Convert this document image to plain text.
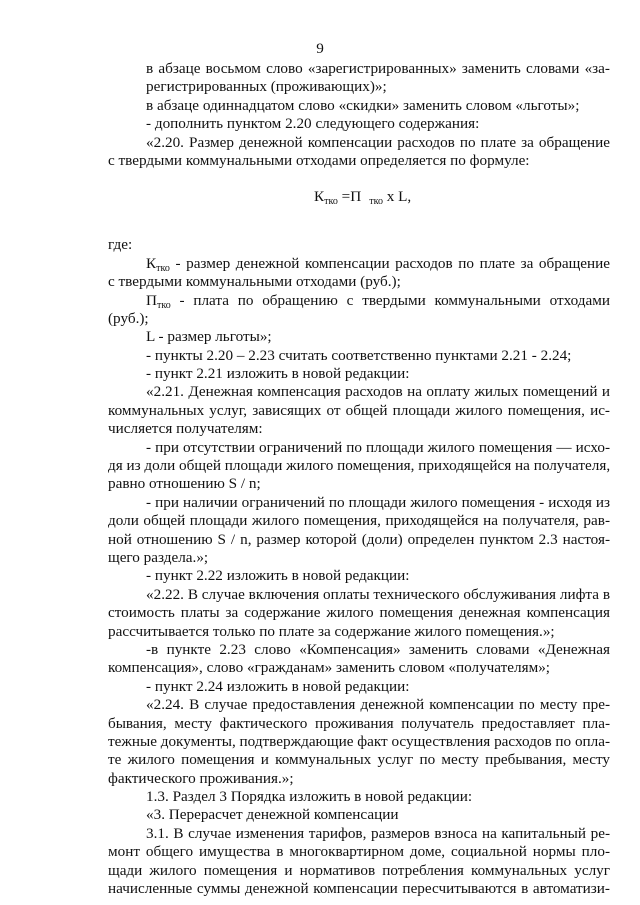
9
в абзаце восьмом слово «зарегистрированных» заменить словами «за-
регистрированных (проживающих)»;
в абзаце одиннадцатом слово «скидки» заменить словом «льготы»;
- дополнить пунктом 2.20 следующего содержания:
«2.20. Размер денежной компенсации расходов по плате за обращение
с твердыми коммунальными отходами определяется по формуле:
$К_{тко} =П$ $_{тко}$ x L,
где:
$К_{тко}$ - размер денежной компенсации расходов по плате за обращение
с твердыми коммунальными отходами (руб.);
$П_{тко}$ - плата по обращению с твердыми коммунальными отходами
(руб.);
L - размер льготы»;
- пункты 2.20 – 2.23 считать соответственно пунктами 2.21 - 2.24;
- пункт 2.21 изложить в новой редакции:
«2.21. Денежная компенсация расходов на оплату жилых помещений и
коммунальных услуг, зависящих от общей площади жилого помещения, ис-
числяется получателям:
- при отсутствии ограничений по площади жилого помещения — исхо-
дя из доли общей площади жилого помещения, приходящейся на получателя,
равно отношению S / n;
- при наличии ограничений по площади жилого помещения - исходя из
доли общей площади жилого помещения, приходящейся на получателя, рав-
ной отношению S / n, размер которой (доли) определен пунктом 2.3 настоя-
щего раздела.»;
- пункт 2.22 изложить в новой редакции:
«2.22. В случае включения оплаты технического обслуживания лифта в
стоимость платы за содержание жилого помещения денежная компенсация
рассчитывается только по плате за содержание жилого помещения.»;
-в пункте 2.23 слово «Компенсация» заменить словами «Денежная
компенсация», слово «гражданам» заменить словом «получателям»;
- пункт 2.24 изложить в новой редакции:
«2.24. В случае предоставления денежной компенсации по месту пре-
бывания, месту фактического проживания получатель предоставляет пла-
тежные документы, подтверждающие факт осуществления расходов по опла-
те жилого помещения и коммунальных услуг по месту пребывания, месту
фактического проживания.»;
1.3. Раздел 3 Порядка изложить в новой редакции:
«3. Перерасчет денежной компенсации
3.1. В случае изменения тарифов, размеров взноса на капитальный ре-
монт общего имущества в многоквартирном доме, социальной нормы пло-
щади жилого помещения и нормативов потребления коммунальных услуг
начисленные суммы денежной компенсации пересчитываются в автоматизи-
